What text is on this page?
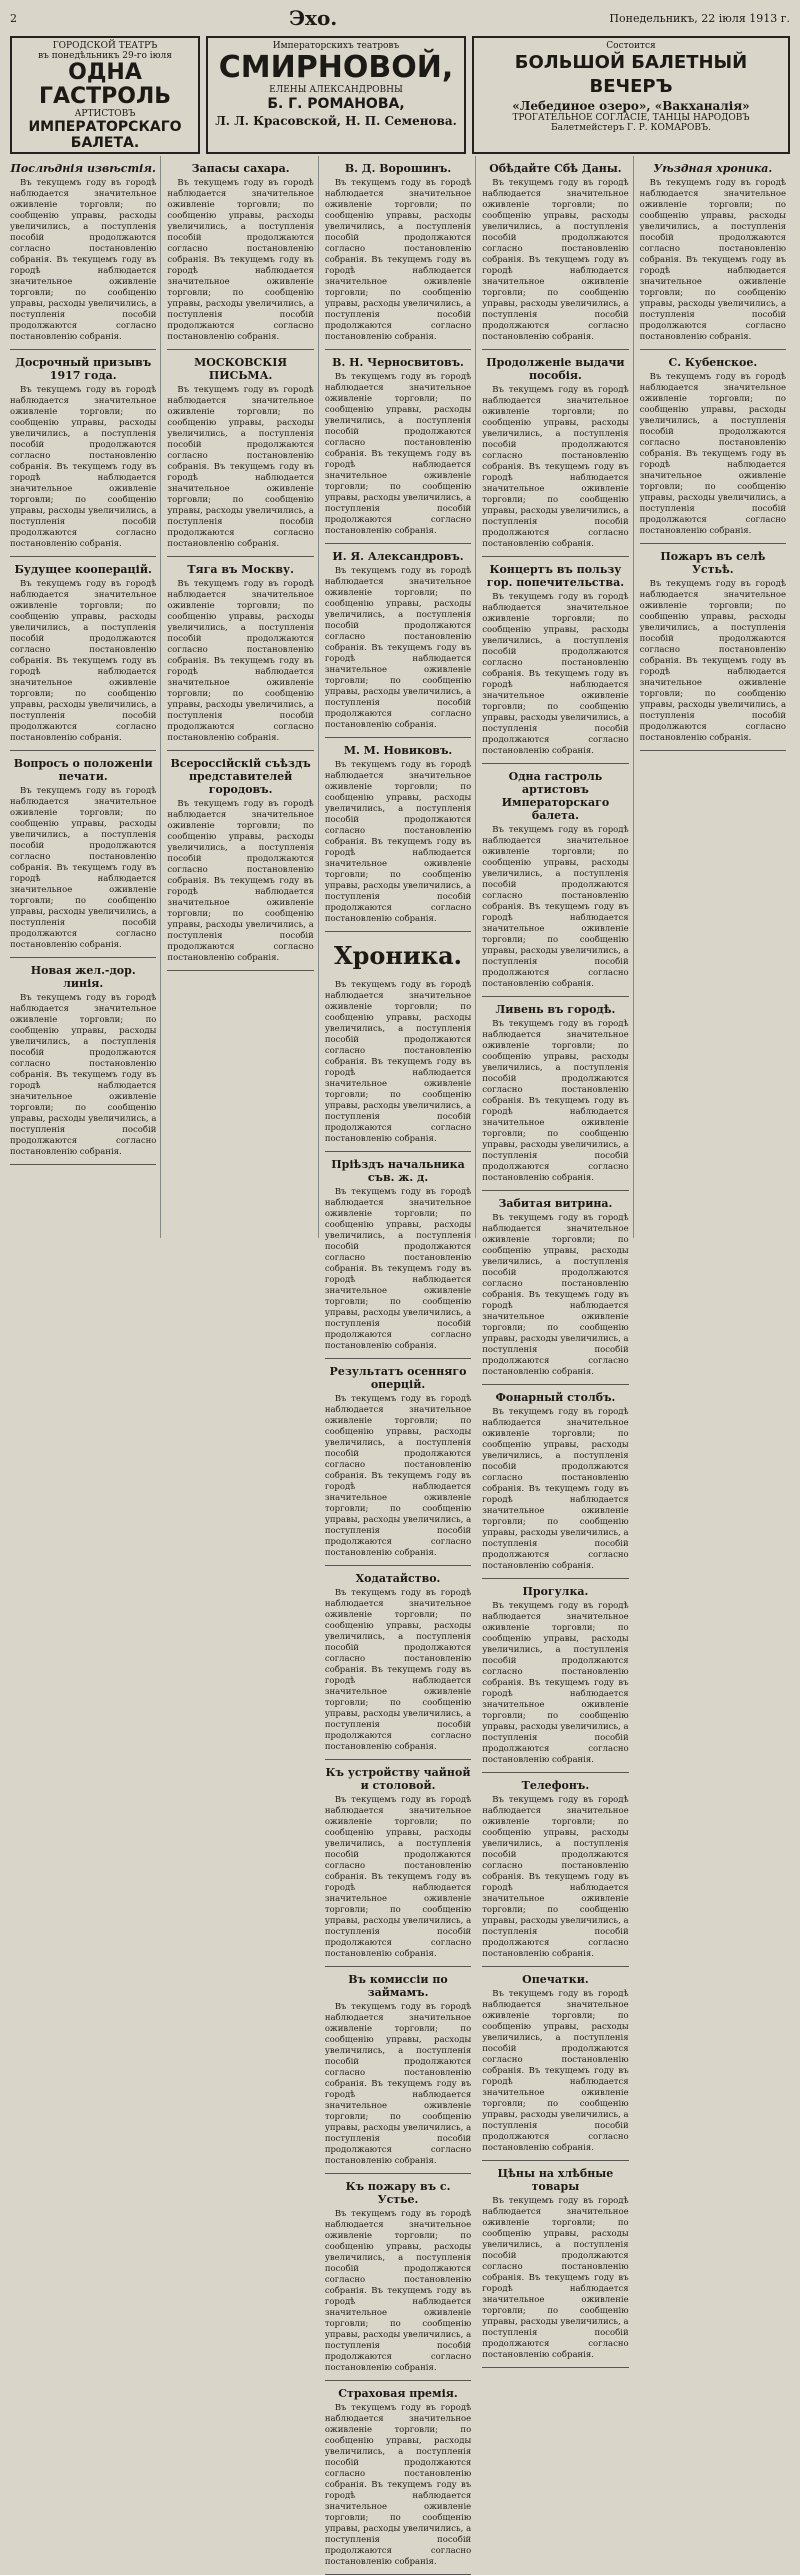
2	Эхо.	Понедельникъ, 22 іюля 1913 г.
ГОРОДСКОЙ ТЕАТРЪ
въ понедѣльникъ 29-го іюля
ОДНА ГАСТРОЛЬ
АРТИСТОВЪ
ИМПЕРАТОРСКАГО БАЛЕТА.
Императорскихъ театровъ
СМИРНОВОЙ,
ЕЛЕНЫ АЛЕКСАНДРОВНЫ
Б. Г. РОМАНОВА,
Л. Л. Красовской, Н. П. Семенова.
Состоится
БОЛЬШОЙ БАЛЕТНЫЙ ВЕЧЕРЪ
«Лебединое озеро», «Вакханалія»
ТРОГАТЕЛЬНОЕ СОГЛАСІЕ, ТАНЦЫ НАРОДОВЪ
Балетмейстеръ Г. Р. КОМАРОВЪ.
Послѣднія извѣстія.

Въ текущемъ году въ городѣ наблюдается значительное оживленіе торговли; по сообщенію управы, расходы увеличились, а поступленія пособій продолжаются согласно постановленію собранія. Въ текущемъ году въ городѣ наблюдается значительное оживленіе торговли; по сообщенію управы, расходы увеличились, а поступленія пособій продолжаются согласно постановленію собранія.

Досрочный призывъ 1917 года.

Въ текущемъ году въ городѣ наблюдается значительное оживленіе торговли; по сообщенію управы, расходы увеличились, а поступленія пособій продолжаются согласно постановленію собранія. Въ текущемъ году въ городѣ наблюдается значительное оживленіе торговли; по сообщенію управы, расходы увеличились, а поступленія пособій продолжаются согласно постановленію собранія.

Будущее кооперацій.

Въ текущемъ году въ городѣ наблюдается значительное оживленіе торговли; по сообщенію управы, расходы увеличились, а поступленія пособій продолжаются согласно постановленію собранія. Въ текущемъ году въ городѣ наблюдается значительное оживленіе торговли; по сообщенію управы, расходы увеличились, а поступленія пособій продолжаются согласно постановленію собранія.

Вопросъ о положеніи печати.

Въ текущемъ году въ городѣ наблюдается значительное оживленіе торговли; по сообщенію управы, расходы увеличились, а поступленія пособій продолжаются согласно постановленію собранія. Въ текущемъ году въ городѣ наблюдается значительное оживленіе торговли; по сообщенію управы, расходы увеличились, а поступленія пособій продолжаются согласно постановленію собранія.

Новая жел.-дор. линія.

Въ текущемъ году въ городѣ наблюдается значительное оживленіе торговли; по сообщенію управы, расходы увеличились, а поступленія пособій продолжаются согласно постановленію собранія. Въ текущемъ году въ городѣ наблюдается значительное оживленіе торговли; по сообщенію управы, расходы увеличились, а поступленія пособій продолжаются согласно постановленію собранія.

Запасы сахара.

Въ текущемъ году въ городѣ наблюдается значительное оживленіе торговли; по сообщенію управы, расходы увеличились, а поступленія пособій продолжаются согласно постановленію собранія. Въ текущемъ году въ городѣ наблюдается значительное оживленіе торговли; по сообщенію управы, расходы увеличились, а поступленія пособій продолжаются согласно постановленію собранія.

МОСКОВСКІЯ ПИСЬМА.

Въ текущемъ году въ городѣ наблюдается значительное оживленіе торговли; по сообщенію управы, расходы увеличились, а поступленія пособій продолжаются согласно постановленію собранія. Въ текущемъ году въ городѣ наблюдается значительное оживленіе торговли; по сообщенію управы, расходы увеличились, а поступленія пособій продолжаются согласно постановленію собранія.

Тяга въ Москву.

Въ текущемъ году въ городѣ наблюдается значительное оживленіе торговли; по сообщенію управы, расходы увеличились, а поступленія пособій продолжаются согласно постановленію собранія. Въ текущемъ году въ городѣ наблюдается значительное оживленіе торговли; по сообщенію управы, расходы увеличились, а поступленія пособій продолжаются согласно постановленію собранія.

Всероссійскій съѣздъ представителей городовъ.

Въ текущемъ году въ городѣ наблюдается значительное оживленіе торговли; по сообщенію управы, расходы увеличились, а поступленія пособій продолжаются согласно постановленію собранія. Въ текущемъ году въ городѣ наблюдается значительное оживленіе торговли; по сообщенію управы, расходы увеличились, а поступленія пособій продолжаются согласно постановленію собранія.

В. Д. Ворошинъ.

Въ текущемъ году въ городѣ наблюдается значительное оживленіе торговли; по сообщенію управы, расходы увеличились, а поступленія пособій продолжаются согласно постановленію собранія. Въ текущемъ году въ городѣ наблюдается значительное оживленіе торговли; по сообщенію управы, расходы увеличились, а поступленія пособій продолжаются согласно постановленію собранія.

В. Н. Черносвитовъ.

Въ текущемъ году въ городѣ наблюдается значительное оживленіе торговли; по сообщенію управы, расходы увеличились, а поступленія пособій продолжаются согласно постановленію собранія. Въ текущемъ году въ городѣ наблюдается значительное оживленіе торговли; по сообщенію управы, расходы увеличились, а поступленія пособій продолжаются согласно постановленію собранія.

И. Я. Александровъ.

Въ текущемъ году въ городѣ наблюдается значительное оживленіе торговли; по сообщенію управы, расходы увеличились, а поступленія пособій продолжаются согласно постановленію собранія. Въ текущемъ году въ городѣ наблюдается значительное оживленіе торговли; по сообщенію управы, расходы увеличились, а поступленія пособій продолжаются согласно постановленію собранія.

М. М. Новиковъ.

Въ текущемъ году въ городѣ наблюдается значительное оживленіе торговли; по сообщенію управы, расходы увеличились, а поступленія пособій продолжаются согласно постановленію собранія. Въ текущемъ году въ городѣ наблюдается значительное оживленіе торговли; по сообщенію управы, расходы увеличились, а поступленія пособій продолжаются согласно постановленію собранія.

Хроника.

Въ текущемъ году въ городѣ наблюдается значительное оживленіе торговли; по сообщенію управы, расходы увеличились, а поступленія пособій продолжаются согласно постановленію собранія. Въ текущемъ году въ городѣ наблюдается значительное оживленіе торговли; по сообщенію управы, расходы увеличились, а поступленія пособій продолжаются согласно постановленію собранія.

Пріѣздъ начальника съв. ж. д.

Въ текущемъ году въ городѣ наблюдается значительное оживленіе торговли; по сообщенію управы, расходы увеличились, а поступленія пособій продолжаются согласно постановленію собранія. Въ текущемъ году въ городѣ наблюдается значительное оживленіе торговли; по сообщенію управы, расходы увеличились, а поступленія пособій продолжаются согласно постановленію собранія.

Результатъ осенняго оперцій.

Въ текущемъ году въ городѣ наблюдается значительное оживленіе торговли; по сообщенію управы, расходы увеличились, а поступленія пособій продолжаются согласно постановленію собранія. Въ текущемъ году въ городѣ наблюдается значительное оживленіе торговли; по сообщенію управы, расходы увеличились, а поступленія пособій продолжаются согласно постановленію собранія.

Ходатайство.

Въ текущемъ году въ городѣ наблюдается значительное оживленіе торговли; по сообщенію управы, расходы увеличились, а поступленія пособій продолжаются согласно постановленію собранія. Въ текущемъ году въ городѣ наблюдается значительное оживленіе торговли; по сообщенію управы, расходы увеличились, а поступленія пособій продолжаются согласно постановленію собранія.

Къ устройству чайной и столовой.

Въ текущемъ году въ городѣ наблюдается значительное оживленіе торговли; по сообщенію управы, расходы увеличились, а поступленія пособій продолжаются согласно постановленію собранія. Въ текущемъ году въ городѣ наблюдается значительное оживленіе торговли; по сообщенію управы, расходы увеличились, а поступленія пособій продолжаются согласно постановленію собранія.

Въ комиссіи по займамъ.

Въ текущемъ году въ городѣ наблюдается значительное оживленіе торговли; по сообщенію управы, расходы увеличились, а поступленія пособій продолжаются согласно постановленію собранія. Въ текущемъ году въ городѣ наблюдается значительное оживленіе торговли; по сообщенію управы, расходы увеличились, а поступленія пособій продолжаются согласно постановленію собранія.

Къ пожару въ с. Устье.

Въ текущемъ году въ городѣ наблюдается значительное оживленіе торговли; по сообщенію управы, расходы увеличились, а поступленія пособій продолжаются согласно постановленію собранія. Въ текущемъ году въ городѣ наблюдается значительное оживленіе торговли; по сообщенію управы, расходы увеличились, а поступленія пособій продолжаются согласно постановленію собранія.

Страховая премія.

Въ текущемъ году въ городѣ наблюдается значительное оживленіе торговли; по сообщенію управы, расходы увеличились, а поступленія пособій продолжаются согласно постановленію собранія. Въ текущемъ году въ городѣ наблюдается значительное оживленіе торговли; по сообщенію управы, расходы увеличились, а поступленія пособій продолжаются согласно постановленію собранія.

Обѣдайте Сбѣ Даны.

Въ текущемъ году въ городѣ наблюдается значительное оживленіе торговли; по сообщенію управы, расходы увеличились, а поступленія пособій продолжаются согласно постановленію собранія. Въ текущемъ году въ городѣ наблюдается значительное оживленіе торговли; по сообщенію управы, расходы увеличились, а поступленія пособій продолжаются согласно постановленію собранія.

Продолженіе выдачи пособія.

Въ текущемъ году въ городѣ наблюдается значительное оживленіе торговли; по сообщенію управы, расходы увеличились, а поступленія пособій продолжаются согласно постановленію собранія. Въ текущемъ году въ городѣ наблюдается значительное оживленіе торговли; по сообщенію управы, расходы увеличились, а поступленія пособій продолжаются согласно постановленію собранія.

Концертъ въ пользу гор. попечительства.

Въ текущемъ году въ городѣ наблюдается значительное оживленіе торговли; по сообщенію управы, расходы увеличились, а поступленія пособій продолжаются согласно постановленію собранія. Въ текущемъ году въ городѣ наблюдается значительное оживленіе торговли; по сообщенію управы, расходы увеличились, а поступленія пособій продолжаются согласно постановленію собранія.

Одна гастроль артистовъ Императорскаго балета.

Въ текущемъ году въ городѣ наблюдается значительное оживленіе торговли; по сообщенію управы, расходы увеличились, а поступленія пособій продолжаются согласно постановленію собранія. Въ текущемъ году въ городѣ наблюдается значительное оживленіе торговли; по сообщенію управы, расходы увеличились, а поступленія пособій продолжаются согласно постановленію собранія.

Ливень въ городѣ.

Въ текущемъ году въ городѣ наблюдается значительное оживленіе торговли; по сообщенію управы, расходы увеличились, а поступленія пособій продолжаются согласно постановленію собранія. Въ текущемъ году въ городѣ наблюдается значительное оживленіе торговли; по сообщенію управы, расходы увеличились, а поступленія пособій продолжаются согласно постановленію собранія.

Забитая витрина.

Въ текущемъ году въ городѣ наблюдается значительное оживленіе торговли; по сообщенію управы, расходы увеличились, а поступленія пособій продолжаются согласно постановленію собранія. Въ текущемъ году въ городѣ наблюдается значительное оживленіе торговли; по сообщенію управы, расходы увеличились, а поступленія пособій продолжаются согласно постановленію собранія.

Фонарный столбъ.

Въ текущемъ году въ городѣ наблюдается значительное оживленіе торговли; по сообщенію управы, расходы увеличились, а поступленія пособій продолжаются согласно постановленію собранія. Въ текущемъ году въ городѣ наблюдается значительное оживленіе торговли; по сообщенію управы, расходы увеличились, а поступленія пособій продолжаются согласно постановленію собранія.

Прогулка.

Въ текущемъ году въ городѣ наблюдается значительное оживленіе торговли; по сообщенію управы, расходы увеличились, а поступленія пособій продолжаются согласно постановленію собранія. Въ текущемъ году въ городѣ наблюдается значительное оживленіе торговли; по сообщенію управы, расходы увеличились, а поступленія пособій продолжаются согласно постановленію собранія.

Телефонъ.

Въ текущемъ году въ городѣ наблюдается значительное оживленіе торговли; по сообщенію управы, расходы увеличились, а поступленія пособій продолжаются согласно постановленію собранія. Въ текущемъ году въ городѣ наблюдается значительное оживленіе торговли; по сообщенію управы, расходы увеличились, а поступленія пособій продолжаются согласно постановленію собранія.

Опечатки.

Въ текущемъ году въ городѣ наблюдается значительное оживленіе торговли; по сообщенію управы, расходы увеличились, а поступленія пособій продолжаются согласно постановленію собранія. Въ текущемъ году въ городѣ наблюдается значительное оживленіе торговли; по сообщенію управы, расходы увеличились, а поступленія пособій продолжаются согласно постановленію собранія.

Цѣны на хлѣбные товары

Въ текущемъ году въ городѣ наблюдается значительное оживленіе торговли; по сообщенію управы, расходы увеличились, а поступленія пособій продолжаются согласно постановленію собранія. Въ текущемъ году въ городѣ наблюдается значительное оживленіе торговли; по сообщенію управы, расходы увеличились, а поступленія пособій продолжаются согласно постановленію собранія.

Уѣздная хроника.

Въ текущемъ году въ городѣ наблюдается значительное оживленіе торговли; по сообщенію управы, расходы увеличились, а поступленія пособій продолжаются согласно постановленію собранія. Въ текущемъ году въ городѣ наблюдается значительное оживленіе торговли; по сообщенію управы, расходы увеличились, а поступленія пособій продолжаются согласно постановленію собранія.

С. Кубенское.

Въ текущемъ году въ городѣ наблюдается значительное оживленіе торговли; по сообщенію управы, расходы увеличились, а поступленія пособій продолжаются согласно постановленію собранія. Въ текущемъ году въ городѣ наблюдается значительное оживленіе торговли; по сообщенію управы, расходы увеличились, а поступленія пособій продолжаются согласно постановленію собранія.

Пожаръ въ селѣ Устьѣ.

Въ текущемъ году въ городѣ наблюдается значительное оживленіе торговли; по сообщенію управы, расходы увеличились, а поступленія пособій продолжаются согласно постановленію собранія. Въ текущемъ году въ городѣ наблюдается значительное оживленіе торговли; по сообщенію управы, расходы увеличились, а поступленія пособій продолжаются согласно постановленію собранія.
